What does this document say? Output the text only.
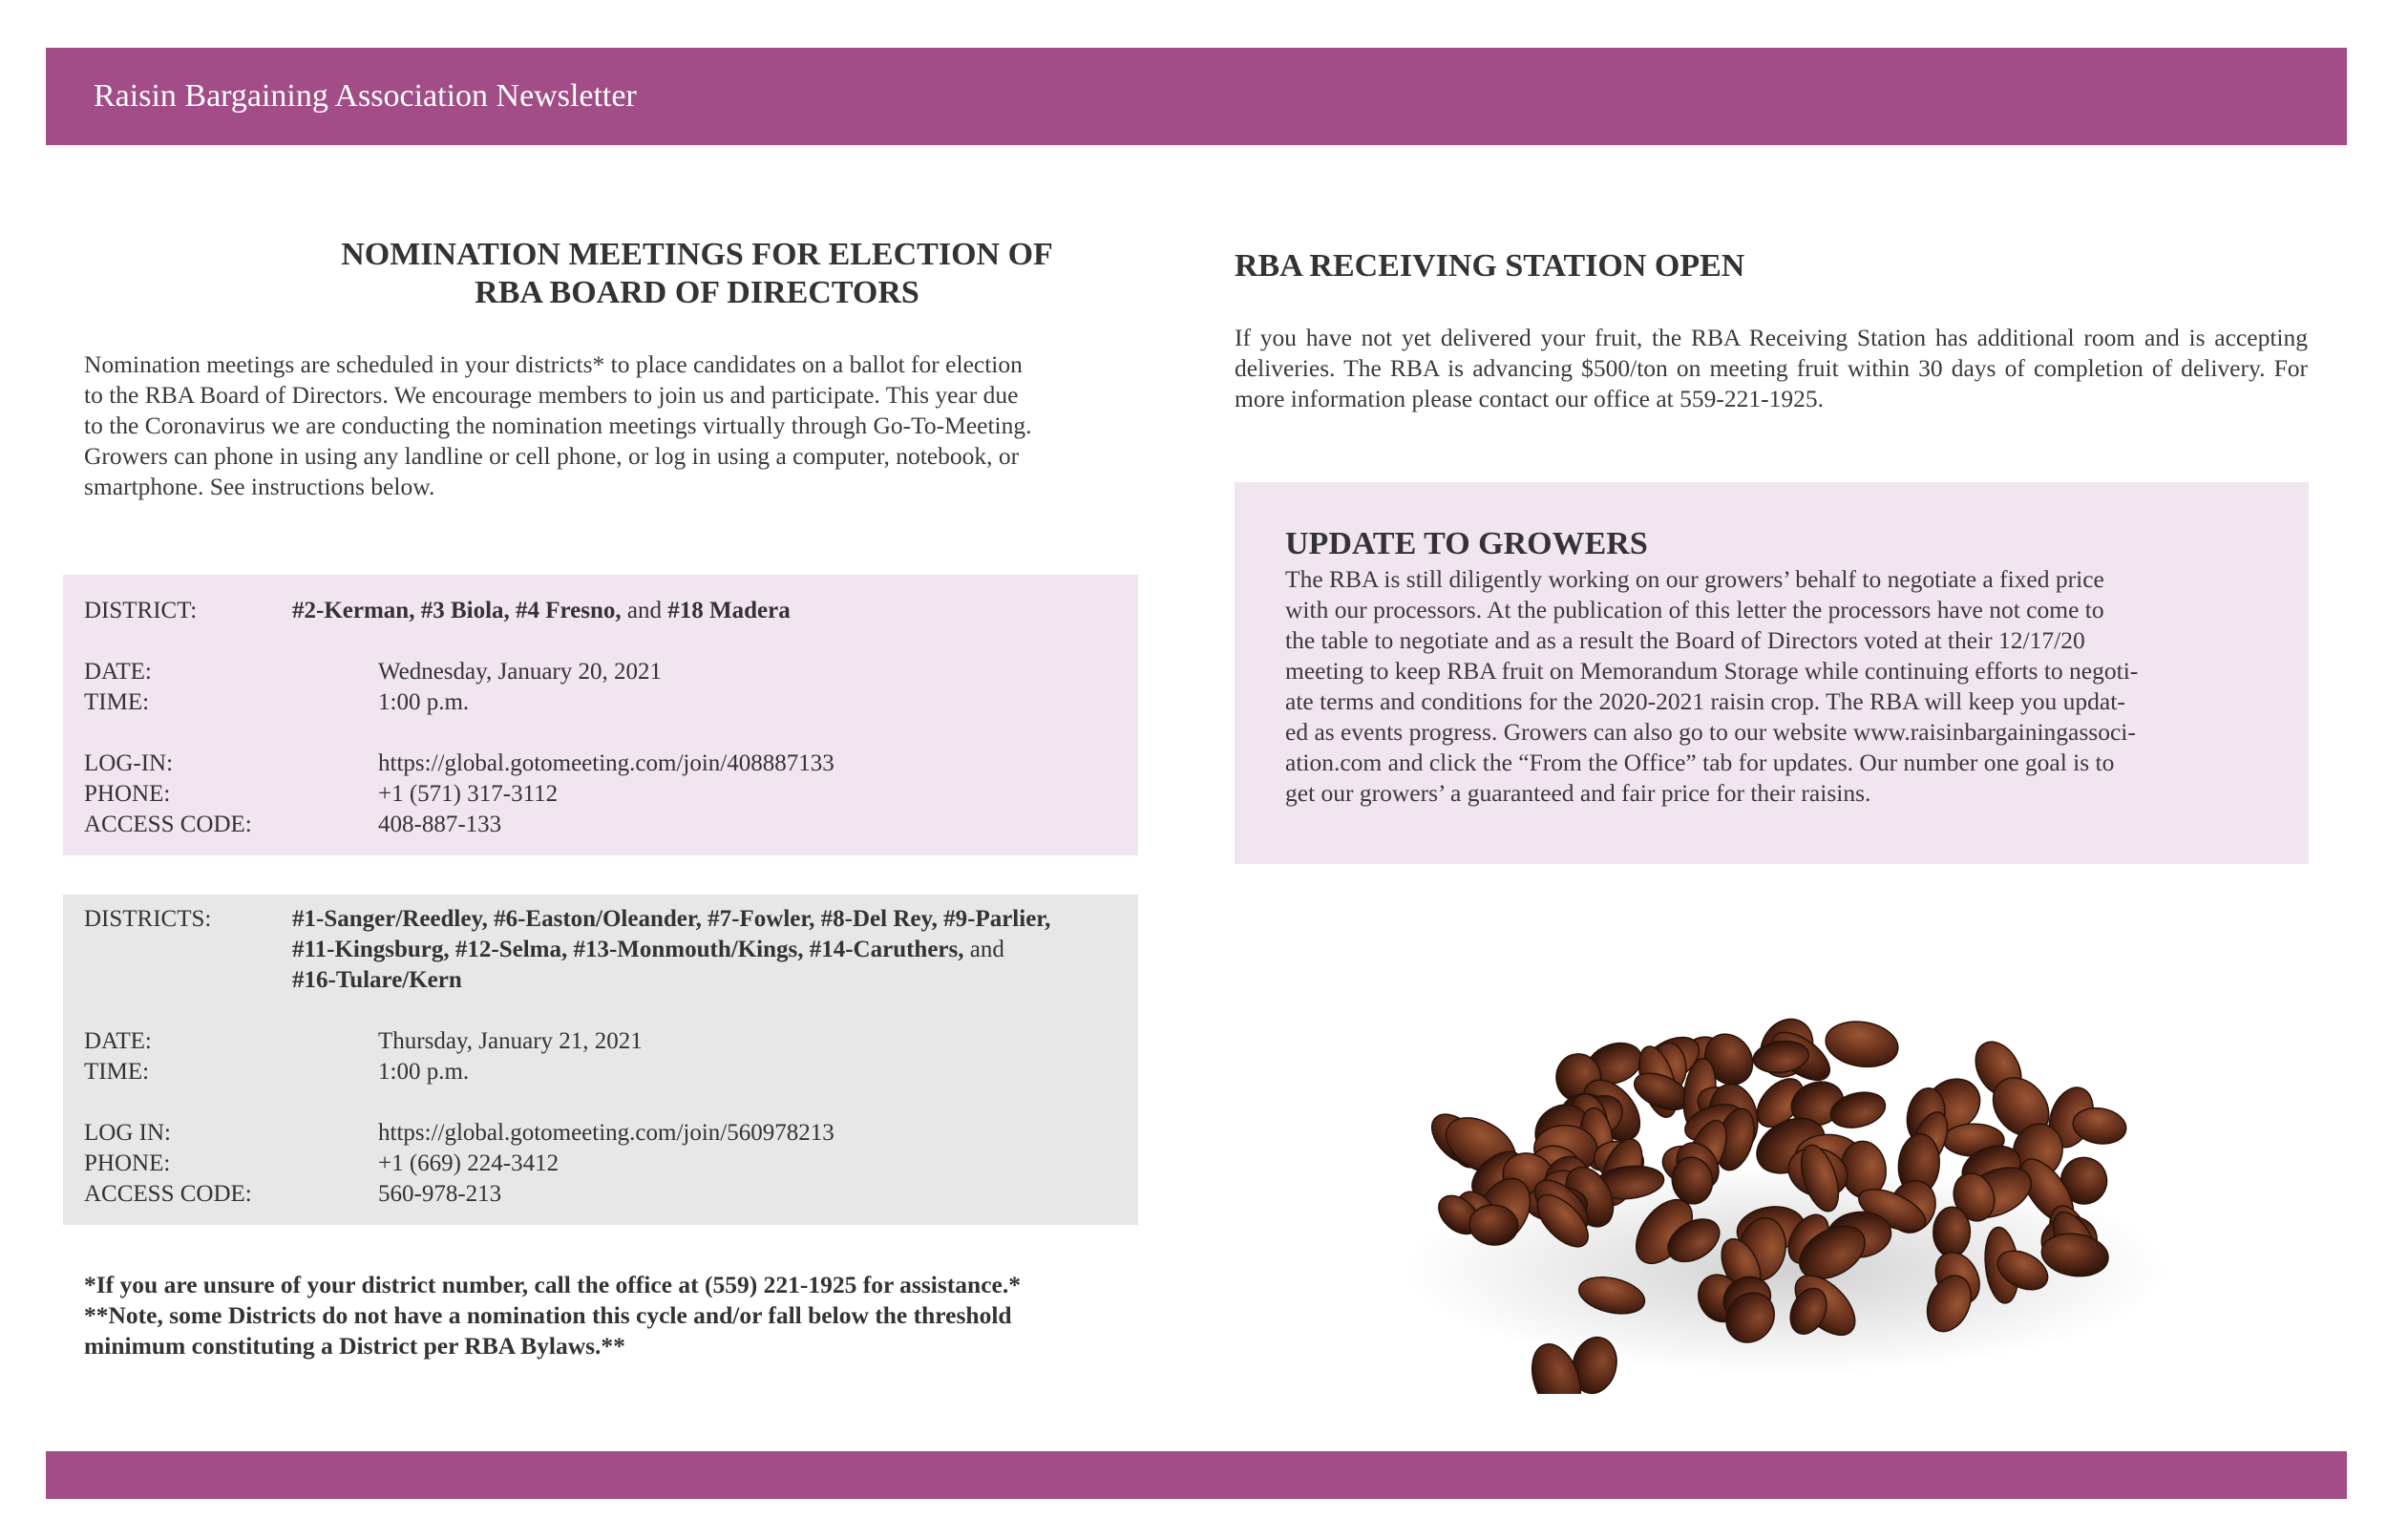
Raisin Bargaining Association Newsletter
NOMINATION MEETINGS FOR ELECTION OF
RBA BOARD OF DIRECTORS
Nomination meetings are scheduled in your districts* to place candidates on a ballot for election
to the RBA Board of Directors. We encourage members to join us and participate. This year due
to the Coronavirus we are conducting the nomination meetings virtually through Go-To-Meeting.
Growers can phone in using any landline or cell phone, or log in using a computer, notebook, or
smartphone. See instructions below.
DISTRICT:	#2-Kerman, #3 Biola, #4 Fresno, and #18 Madera
DATE:	Wednesday, January 20, 2021
TIME:	1:00 p.m.
LOG-IN:	https://global.gotomeeting.com/join/408887133
PHONE:	+1 (571) 317-3112
ACCESS CODE:	408-887-133
DISTRICTS:	#1-Sanger/Reedley, #6-Easton/Oleander, #7-Fowler, #8-Del Rey, #9-Parlier,
#11-Kingsburg, #12-Selma, #13-Monmouth/Kings, #14-Caruthers, and
#16-Tulare/Kern
DATE:	Thursday, January 21, 2021
TIME:	1:00 p.m.
LOG IN:	https://global.gotomeeting.com/join/560978213
PHONE:	+1 (669) 224-3412
ACCESS CODE:	560-978-213
*If you are unsure of your district number, call the office at (559) 221-1925 for assistance.*
**Note, some Districts do not have a nomination this cycle and/or fall below the threshold
minimum constituting a District per RBA Bylaws.**
RBA RECEIVING STATION OPEN
If you have not yet delivered your fruit, the RBA Receiving Station has additional room and is accepting deliveries. The RBA is advancing $500/ton on meeting fruit within 30 days of completion of delivery. For more information please contact our office at 559-221-1925.
UPDATE TO GROWERS
The RBA is still diligently working on our growers’ behalf to negotiate a fixed price
with our processors. At the publication of this letter the processors have not come to
the table to negotiate and as a result the Board of Directors voted at their 12/17/20
meeting to keep RBA fruit on Memorandum Storage while continuing efforts to negoti-
ate terms and conditions for the 2020-2021 raisin crop. The RBA will keep you updat-
ed as events progress. Growers can also go to our website www.raisinbargainingassoci-
ation.com and click the “From the Office” tab for updates. Our number one goal is to
get our growers’ a guaranteed and fair price for their raisins.
